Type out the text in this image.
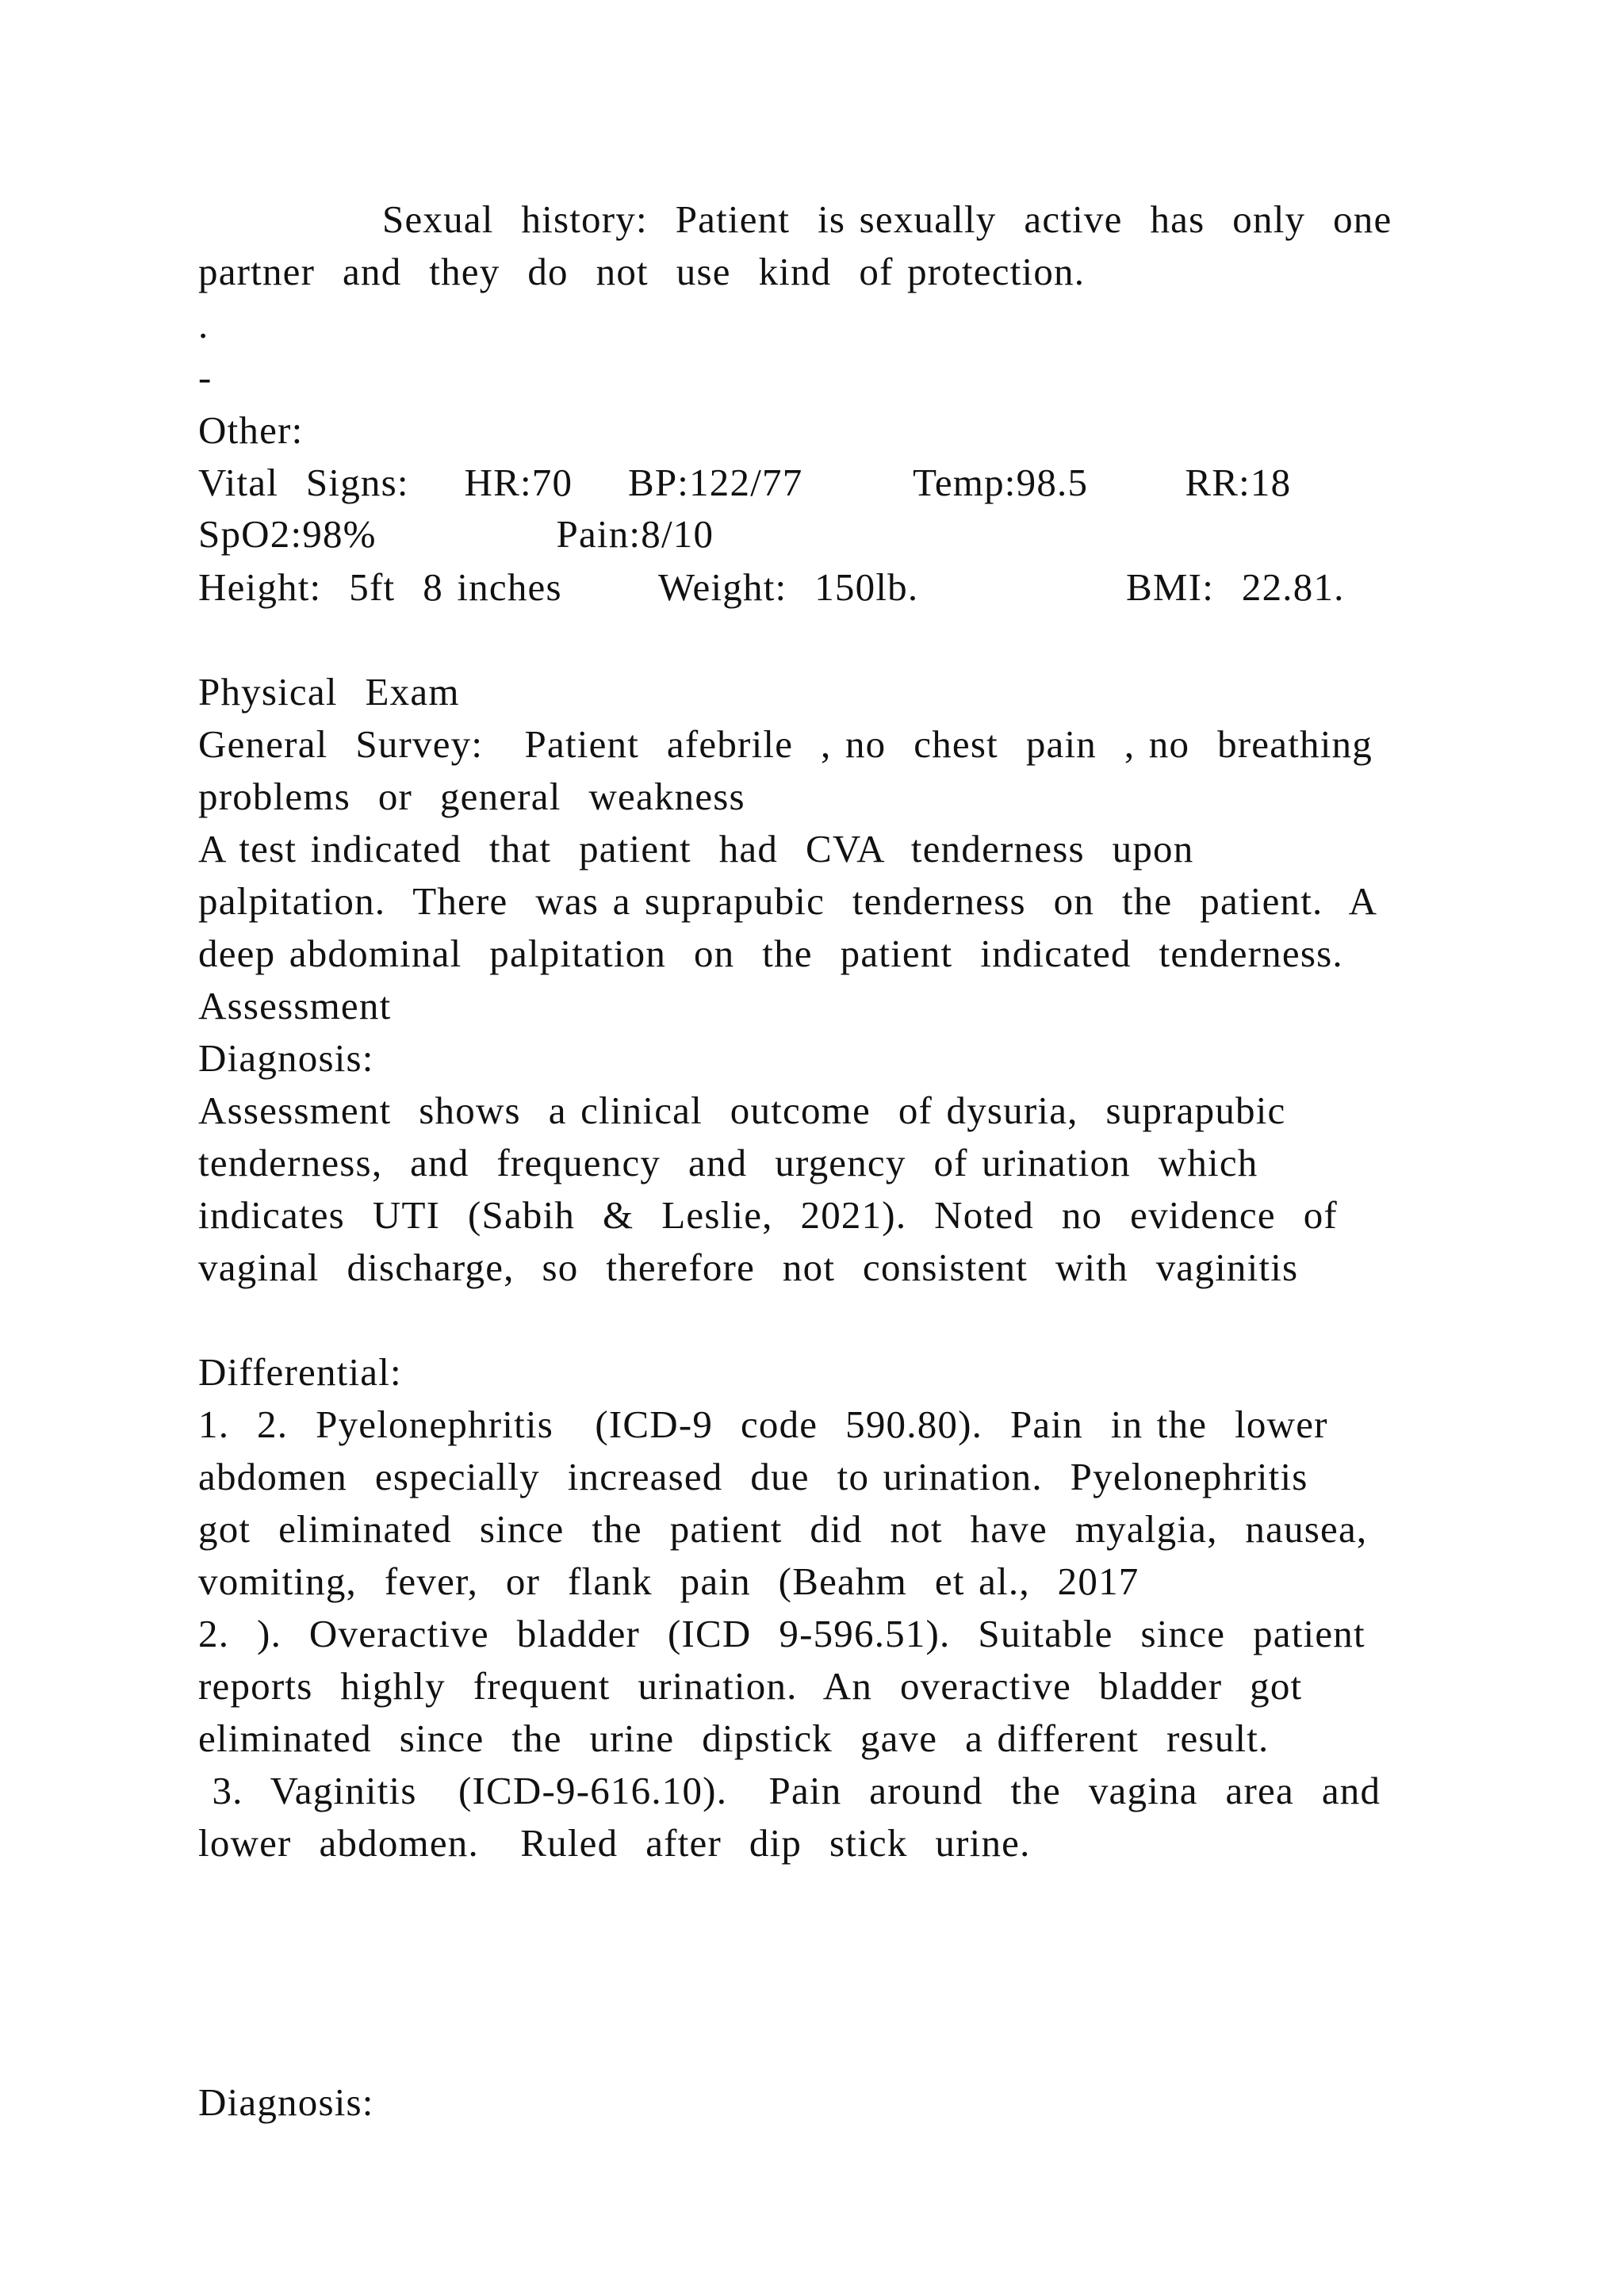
Sexual  history:  Patient  is sexually  active  has  only  one
partner  and  they  do  not  use  kind  of protection.
.
-
Other:
Vital  Signs:    HR:70    BP:122/77        Temp:98.5       RR:18
SpO2:98%             Pain:8/10
Height:  5ft  8 inches       Weight:  150lb.               BMI:  22.81.
Physical  Exam
General  Survey:   Patient  afebrile  , no  chest  pain  , no  breathing
problems  or  general  weakness
A test indicated  that  patient  had  CVA  tenderness  upon
palpitation.  There  was a suprapubic  tenderness  on  the  patient.  A
deep abdominal  palpitation  on  the  patient  indicated  tenderness.
Assessment
Diagnosis:
Assessment  shows  a clinical  outcome  of dysuria,  suprapubic
tenderness,  and  frequency  and  urgency  of urination  which
indicates  UTI  (Sabih  &  Leslie,  2021).  Noted  no  evidence  of
vaginal  discharge,  so  therefore  not  consistent  with  vaginitis
Differential:
1.  2.  Pyelonephritis   (ICD-9  code  590.80).  Pain  in the  lower
abdomen  especially  increased  due  to urination.  Pyelonephritis
got  eliminated  since  the  patient  did  not  have  myalgia,  nausea,
vomiting,  fever,  or  flank  pain  (Beahm  et al.,  2017
2.  ).  Overactive  bladder  (ICD  9-596.51).  Suitable  since  patient
reports  highly  frequent  urination.  An  overactive  bladder  got
eliminated  since  the  urine  dipstick  gave  a different  result.
3.  Vaginitis   (ICD-9-616.10).   Pain  around  the  vagina  area  and
lower  abdomen.   Ruled  after  dip  stick  urine.
Diagnosis:
